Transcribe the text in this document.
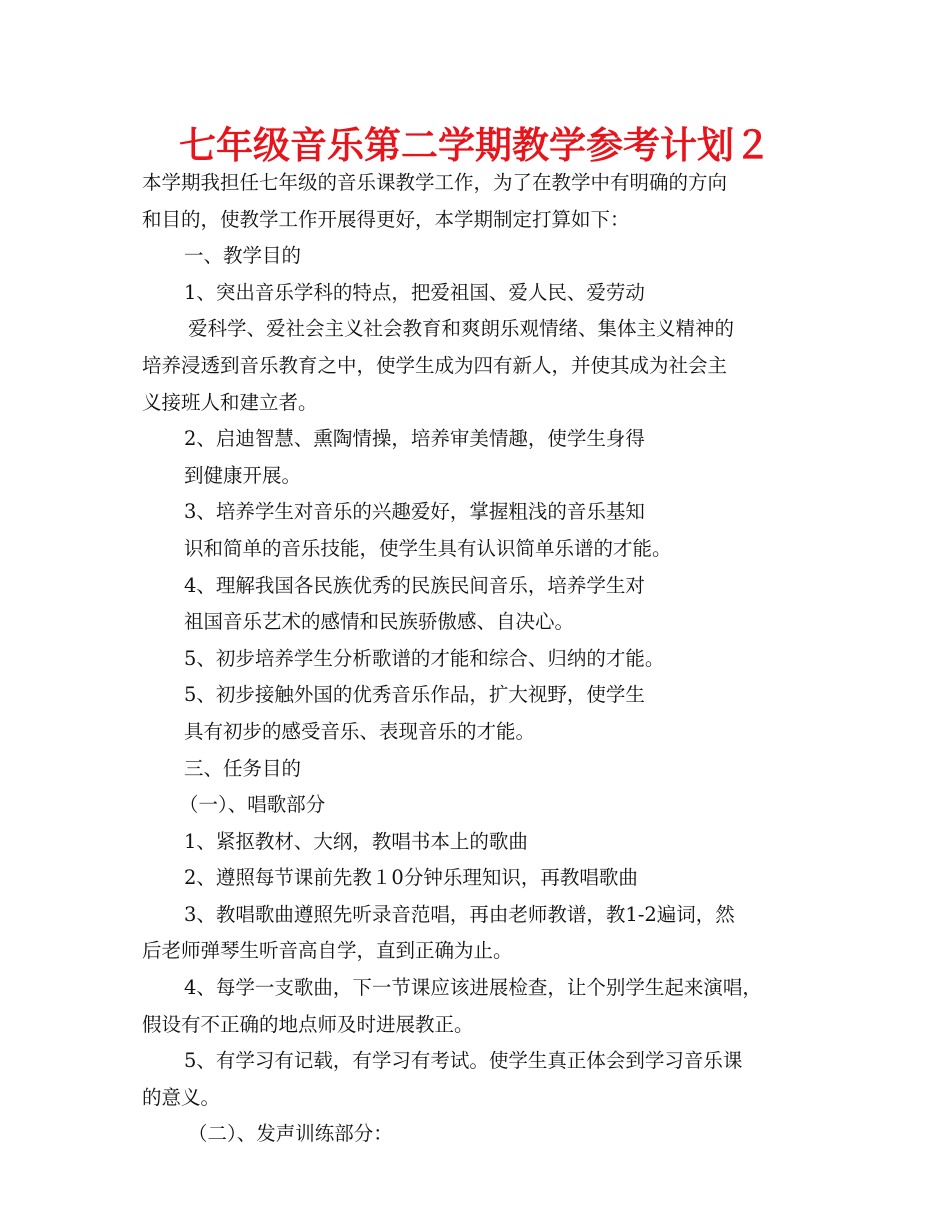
七年级音乐第二学期教学参考计划２

本学期我担任七年级的音乐课教学工作，为了在教学中有明确的方向

和目的，使教学工作开展得更好，本学期制定打算如下：

一、教学目的

1、突出音乐学科的特点，把爱祖国、爱人民、爱劳动

爱科学、爱社会主义社会教育和爽朗乐观情绪、集体主义精神的

培养浸透到音乐教育之中，使学生成为四有新人，并使其成为社会主

义接班人和建立者。

2、启迪智慧、熏陶情操，培养审美情趣，使学生身得

到健康开展。

3、培养学生对音乐的兴趣爱好，掌握粗浅的音乐基知

识和简单的音乐技能，使学生具有认识简单乐谱的才能。

4、理解我国各民族优秀的民族民间音乐，培养学生对

祖国音乐艺术的感情和民族骄傲感、自决心。

5、初步培养学生分析歌谱的才能和综合、归纳的才能。

5、初步接触外国的优秀音乐作品，扩大视野，使学生

具有初步的感受音乐、表现音乐的才能。

三、任务目的

（一）、唱歌部分

1、紧抠教材、大纲，教唱书本上的歌曲

2、遵照每节课前先教１0分钟乐理知识，再教唱歌曲

3、教唱歌曲遵照先听录音范唱，再由老师教谱，教1-2遍词，然

后老师弹琴生听音高自学，直到正确为止。

4、每学一支歌曲，下一节课应该进展检查，让个别学生起来演唱，

假设有不正确的地点师及时进展教正。

5、有学习有记载，有学习有考试。使学生真正体会到学习音乐课

的意义。

（二）、发声训练部分：
